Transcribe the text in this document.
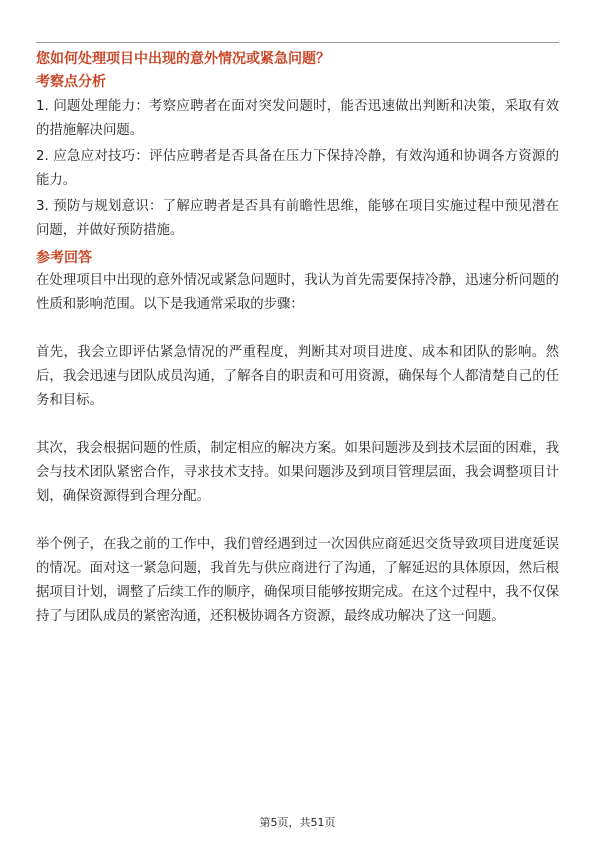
您如何处理项目中出现的意外情况或紧急问题？

考察点分析

1. 问题处理能力：考察应聘者在面对突发问题时，能否迅速做出判断和决策，采取有效的措施解决问题。

2. 应急应对技巧：评估应聘者是否具备在压力下保持冷静，有效沟通和协调各方资源的能力。

3. 预防与规划意识：了解应聘者是否具有前瞻性思维，能够在项目实施过程中预见潜在问题，并做好预防措施。

参考回答

在处理项目中出现的意外情况或紧急问题时，我认为首先需要保持冷静，迅速分析问题的性质和影响范围。以下是我通常采取的步骤：

首先，我会立即评估紧急情况的严重程度，判断其对项目进度、成本和团队的影响。然后，我会迅速与团队成员沟通，了解各自的职责和可用资源，确保每个人都清楚自己的任务和目标。

其次，我会根据问题的性质，制定相应的解决方案。如果问题涉及到技术层面的困难，我会与技术团队紧密合作，寻求技术支持。如果问题涉及到项目管理层面，我会调整项目计划，确保资源得到合理分配。

举个例子，在我之前的工作中，我们曾经遇到过一次因供应商延迟交货导致项目进度延误的情况。面对这一紧急问题，我首先与供应商进行了沟通，了解延迟的具体原因，然后根据项目计划，调整了后续工作的顺序，确保项目能够按期完成。在这个过程中，我不仅保持了与团队成员的紧密沟通，还积极协调各方资源，最终成功解决了这一问题。

第5页，共51页
